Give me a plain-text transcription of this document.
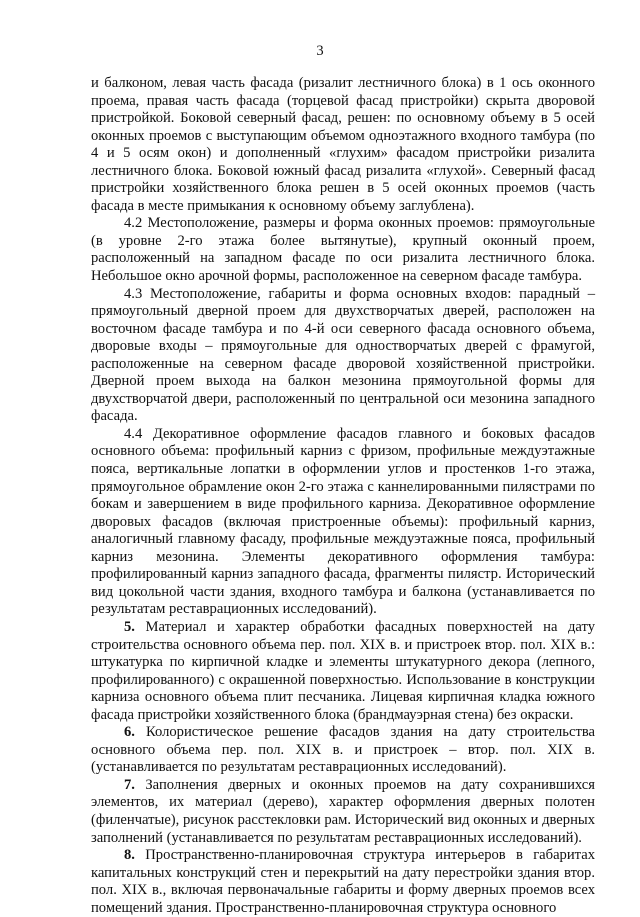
3

и балконом, левая часть фасада (ризалит лестничного блока) в 1 ось оконного проема, правая часть фасада (торцевой фасад пристройки) скрыта дворовой пристройкой. Боковой северный фасад, решен: по основному объему в 5 осей оконных проемов с выступающим объемом одноэтажного входного тамбура (по 4 и 5 осям окон) и дополненный «глухим» фасадом пристройки ризалита лестничного блока. Боковой южный фасад ризалита «глухой». Северный фасад пристройки хозяйственного блока решен в 5 осей оконных проемов (часть фасада в месте примыкания к основному объему заглублена).

4.2 Местоположение, размеры и форма оконных проемов: прямоугольные (в уровне 2-го этажа более вытянутые), крупный оконный проем, расположенный на западном фасаде по оси ризалита лестничного блока. Небольшое окно арочной формы, расположенное на северном фасаде тамбура.

4.3 Местоположение, габариты и форма основных входов: парадный – прямоугольный дверной проем для двухстворчатых дверей, расположен на восточном фасаде тамбура и по 4-й оси северного фасада основного объема, дворовые входы – прямоугольные для одностворчатых дверей с фрамугой, расположенные на северном фасаде дворовой хозяйственной пристройки. Дверной проем выхода на балкон мезонина прямоугольной формы для двухстворчатой двери, расположенный по центральной оси мезонина западного фасада.

4.4 Декоративное оформление фасадов главного и боковых фасадов основного объема: профильный карниз с фризом, профильные междуэтажные пояса, вертикальные лопатки в оформлении углов и простенков 1-го этажа, прямоугольное обрамление окон 2-го этажа с каннелированными пилястрами по бокам и завершением в виде профильного карниза. Декоративное оформление дворовых фасадов (включая пристроенные объемы): профильный карниз, аналогичный главному фасаду, профильные междуэтажные пояса, профильный карниз мезонина. Элементы декоративного оформления тамбура: профилированный карниз западного фасада, фрагменты пилястр. Исторический вид цокольной части здания, входного тамбура и балкона (устанавливается по результатам реставрационных исследований).

5. Материал и характер обработки фасадных поверхностей на дату строительства основного объема пер. пол. XIX в. и пристроек втор. пол. XIX в.: штукатурка по кирпичной кладке и элементы штукатурного декора (лепного, профилированного) с окрашенной поверхностью. Использование в конструкции карниза основного объема плит песчаника. Лицевая кирпичная кладка южного фасада пристройки хозяйственного блока (брандмауэрная стена) без окраски.

6. Колористическое решение фасадов здания на дату строительства основного объема пер. пол. XIX в. и пристроек – втор. пол. XIX в. (устанавливается по результатам реставрационных исследований).

7. Заполнения дверных и оконных проемов на дату сохранившихся элементов, их материал (дерево), характер оформления дверных полотен (филенчатые), рисунок расстекловки рам. Исторический вид оконных и дверных заполнений (устанавливается по результатам реставрационных исследований).

8. Пространственно-планировочная структура интерьеров в габаритах капитальных конструкций стен и перекрытий на дату перестройки здания втор. пол. XIX в., включая первоначальные габариты и форму дверных проемов всех помещений здания. Пространственно-планировочная структура основного
